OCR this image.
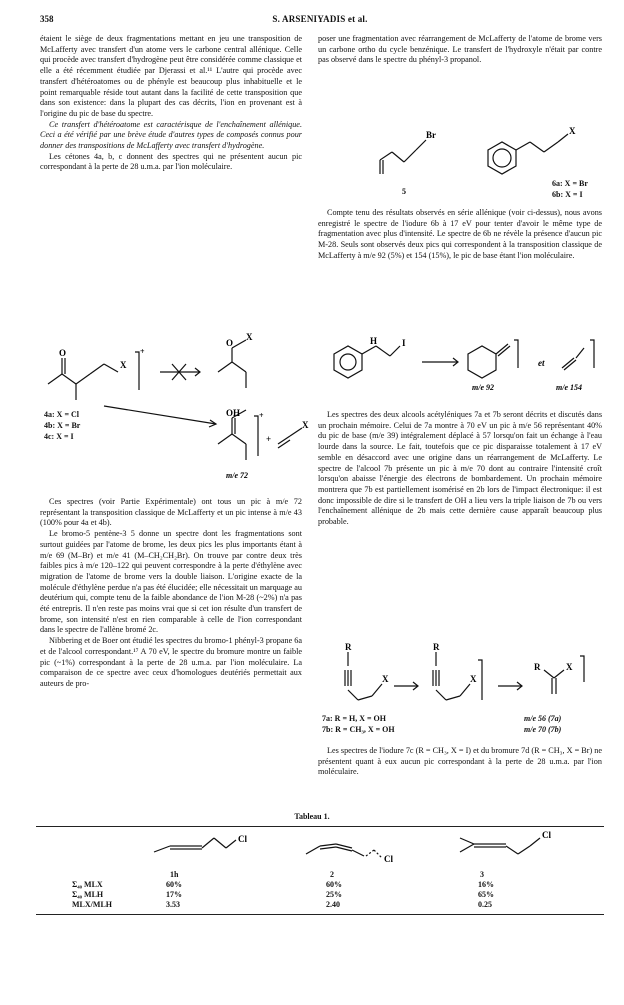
358	S. ARSENIYADIS et al.

étaient le siège de deux fragmentations mettant en jeu une transposition de McLafferty avec transfert d'un atome vers le carbone central allénique. Celle qui procède avec transfert d'hydrogène peut être considérée comme classique et elle a été récemment étudiée par Djerassi et al.¹¹ L'autre qui procède avec transfert d'hétéroatomes ou de phényle est beaucoup plus inhabituelle et le point remarquable réside tout autant dans la facilité de cette transposition que dans son existence: dans la plupart des cas décrits, l'ion en provenant est à l'origine du pic de base du spectre.

Ce transfert d'hétéroatome est caractérisque de l'enchaînement allénique. Ceci a été vérifié par une brève étude d'autres types de composés connus pour donner des transpositions de McLafferty avec transfert d'hydrogène.

Les cétones 4a, b, c donnent des spectres qui ne présentent aucun pic correspondant à la perte de 28 u.m.a. par l'ion moléculaire.

O
X
+
O
X
OH +
+
X
m/e 72
4a: X = Cl
4b: X = Br
4c: X = I

Ces spectres (voir Partie Expérimentale) ont tous un pic à m/e 72 représentant la transposition classique de McLafferty et un pic intense à m/e 43 (100% pour 4a et 4b).

Le bromo-5 pentène-3 5 donne un spectre dont les fragmentations sont surtout guidées par l'atome de brome, les deux pics les plus importants étant à m/e 69 (M–Br) et m/e 41 (M–CH₂CH₂Br). On trouve par contre deux très faibles pics à m/e 120–122 qui peuvent correspondre à la perte d'éthylène avec migration de l'atome de brome vers la double liaison. L'origine exacte de la molécule d'éthylène perdue n'a pas été élucidée; elle nécessitait un marquage au deutérium qui, compte tenu de la faible abondance de l'ion M-28 (~2%) n'a pas été entrepris. Il n'en reste pas moins vrai que si cet ion résulte d'un transfert de brome, son intensité n'est en rien comparable à celle de l'ion correspondant dans le spectre de l'allène bromé 2c.

Nibbering et de Boer ont étudié les spectres du bromo-1 phényl-3 propane 6a et de l'alcool correspondant.¹⁷ A 70 eV, le spectre du bromure montre un faible pic (~1%) correspondant à la perte de 28 u.m.a. par l'ion moléculaire. La comparaison de ce spectre avec ceux d'homologues deutériés permettait aux auteurs de pro-

poser une fragmentation avec réarrangement de McLafferty de l'atome de brome vers un carbone ortho du cycle benzénique. Le transfert de l'hydroxyle n'était par contre pas observé dans le spectre du phényl-3 propanol.

Br	X
5
6a: X = Br
6b: X = I

Compte tenu des résultats observés en série allénique (voir ci-dessus), nous avons enregistré le spectre de l'iodure 6b à 17 eV pour tenter d'avoir le même type de fragmentation avec plus d'intensité. Le spectre de 6b ne révèle la présence d'aucun pic M-28. Seuls sont observés deux pics qui correspondent à la transposition classique de McLafferty à m/e 92 (5%) et 154 (15%), le pic de base étant l'ion moléculaire.

H	I
et
m/e 92	m/e 154

Les spectres des deux alcools acétyléniques 7a et 7b seront décrits et discutés dans un prochain mémoire. Celui de 7a montre à 70 eV un pic à m/e 56 représentant 40% du pic de base (m/e 39) intégralement déplacé à 57 lorsqu'on fait un échange à l'eau lourde dans la source. Le fait, toutefois que ce pic disparaisse totalement à 17 eV semble en désaccord avec une origine dans un réarrangement de McLafferty. Le spectre de l'alcool 7b présente un pic à m/e 70 dont au contraire l'intensité croît lorsqu'on abaisse l'énergie des électrons de bombardement. Un prochain mémoire montrera que 7b est partiellement isomérisé en 2b lors de l'impact électronique: il est donc impossible de dire si le transfert de OH a lieu vers la triple liaison de 7b ou vers l'enchaînement allénique de 2b mais cette dernière cause apparaît beaucoup plus probable.

R
X
R
X
R	X
7a: R = H, X = OH
7b: R = CH₃, X = OH
m/e 56 (7a)
m/e 70 (7b)

Les spectres de l'iodure 7c (R = CH₃, X = I) et du bromure 7d (R = CH₃, X = Br) ne présentent quant à eux aucun pic correspondant à la perte de 28 u.m.a. par l'ion moléculaire.

Tableau 1.
Cl
Cl
Cl
1h	2	3
Σ₄₀ MLX	60%	60%	16%
Σ₄₀ MLH	17%	25%	65%
MLX/MLH	3.53	2.40	0.25
